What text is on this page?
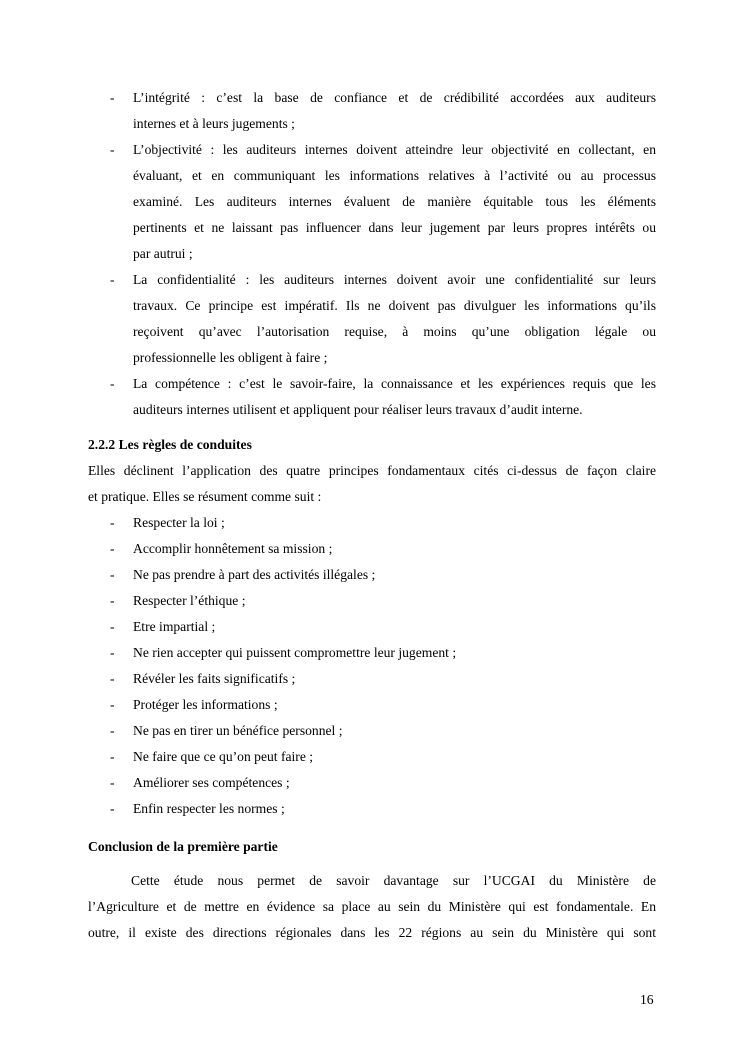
- L’intégrité : c’est la base de confiance et de crédibilité accordées aux auditeurs
internes et à leurs jugements ;
- L’objectivité : les auditeurs internes doivent atteindre leur objectivité en collectant, en
évaluant, et en communiquant les informations relatives à l’activité ou au processus
examiné. Les auditeurs internes évaluent de manière équitable tous les éléments
pertinents et ne laissant pas influencer dans leur jugement par leurs propres intérêts ou
par autrui ;
- La confidentialité : les auditeurs internes doivent avoir une confidentialité sur leurs
travaux. Ce principe est impératif. Ils ne doivent pas divulguer les informations qu’ils
reçoivent qu’avec l’autorisation requise, à moins qu’une obligation légale ou
professionnelle les obligent à faire ;
- La compétence : c’est le savoir-faire, la connaissance et les expériences requis que les
auditeurs internes utilisent et appliquent pour réaliser leurs travaux d’audit interne.
2.2.2 Les règles de conduites
Elles déclinent l’application des quatre principes fondamentaux cités ci-dessus de façon claire
et pratique. Elles se résument comme suit :
- Respecter la loi ;
- Accomplir honnêtement sa mission ;
- Ne pas prendre à part des activités illégales ;
- Respecter l’éthique ;
- Etre impartial ;
- Ne rien accepter qui puissent compromettre leur jugement ;
- Révéler les faits significatifs ;
- Protéger les informations ;
- Ne pas en tirer un bénéfice personnel ;
- Ne faire que ce qu’on peut faire ;
- Améliorer ses compétences ;
- Enfin respecter les normes ;
Conclusion de la première partie
Cette étude nous permet de savoir davantage sur l’UCGAI du Ministère de
l’Agriculture et de mettre en évidence sa place au sein du Ministère qui est fondamentale. En
outre, il existe des directions régionales dans les 22 régions au sein du Ministère qui sont
16
